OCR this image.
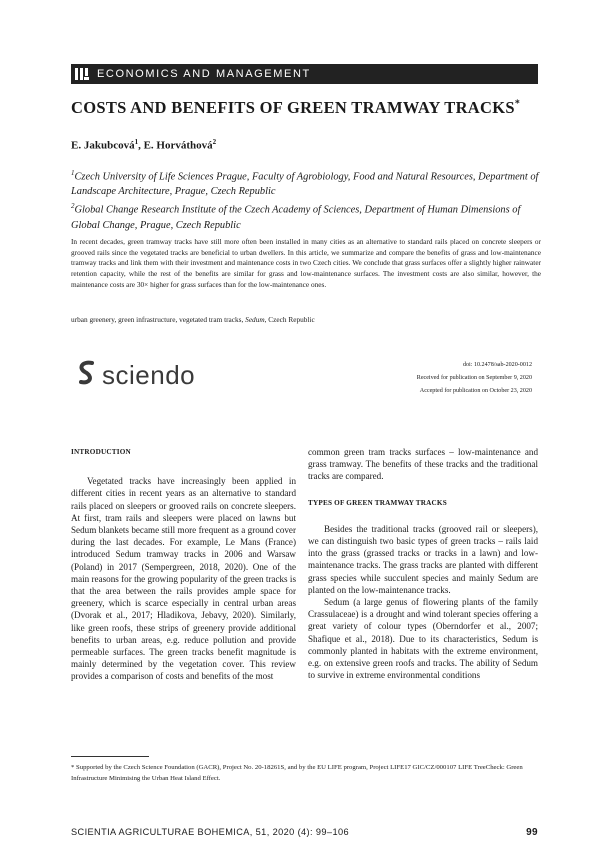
ECONOMICS AND MANAGEMENT
COSTS AND BENEFITS OF GREEN TRAMWAY TRACKS*
E. Jakubcová$^1$, E. Horváthová$^2$

$^1$Czech University of Life Sciences Prague, Faculty of Agrobiology, Food and Natural Resources, Department of Landscape Architecture, Prague, Czech Republic

$^2$Global Change Research Institute of the Czech Academy of Sciences, Department of Human Dimensions of Global Change, Prague, Czech Republic

In recent decades, green tramway tracks have still more often been installed in many cities as an alternative to standard rails placed on concrete sleepers or grooved rails since the vegetated tracks are beneficial to urban dwellers. In this article, we summarize and compare the benefits of grass and low-maintenance tramway tracks and link them with their investment and maintenance costs in two Czech cities. We conclude that grass surfaces offer a slightly higher rainwater retention capacity, while the rest of the benefits are similar for grass and low-maintenance surfaces. The investment costs are also similar, however, the maintenance costs are 30× higher for grass surfaces than for the low-maintenance ones.
urban greenery, green infrastructure, vegetated tram tracks, Sedum, Czech Republic
sciendo	doi: 10.2478/sab-2020-0012
Received for publication on September 9, 2020
Accepted for publication on October 23, 2020
INTRODUCTION

Vegetated tracks have increasingly been applied in different cities in recent years as an alternative to standard rails placed on sleepers or grooved rails on concrete sleepers. At first, tram rails and sleepers were placed on lawns but Sedum blankets became still more frequent as a ground cover during the last decades. For example, Le Mans (France) introduced Sedum tramway tracks in 2006 and Warsaw (Poland) in 2017 (Sempergreen, 2018, 2020). One of the main reasons for the growing popularity of the green tracks is that the area between the rails provides ample space for greenery, which is scarce especially in central urban areas (Dvorak et al., 2017; Hladikova, Jebavy, 2020). Similarly, like green roofs, these strips of greenery provide additional benefits to urban areas, e.g. reduce pollution and provide permeable surfaces. The green tracks benefit magnitude is mainly determined by the vegetation cover. This review provides a comparison of costs and benefits of the most

common green tram tracks surfaces – low-maintenance and grass tramway. The benefits of these tracks and the traditional tracks are compared.
TYPES OF GREEN TRAMWAY TRACKS

Besides the traditional tracks (grooved rail or sleepers), we can distinguish two basic types of green tracks – rails laid into the grass (grassed tracks or tracks in a lawn) and low-maintenance tracks. The grass tracks are planted with different grass species while succulent species and mainly Sedum are planted on the low-maintenance tracks.

Sedum (a large genus of flowering plants of the family Crassulaceae) is a drought and wind tolerant species offering a great variety of colour types (Oberndorfer et al., 2007; Shafique et al., 2018). Due to its characteristics, Sedum is commonly planted in habitats with the extreme environment, e.g. on extensive green roofs and tracks. The ability of Sedum to survive in extreme environmental conditions

* Supported by the Czech Science Foundation (GACR), Project No. 20-18261S, and by the EU LIFE program, Project LIFE17 GIC/CZ/000107 LIFE TreeCheck: Green Infrastructure Minimising the Urban Heat Island Effect.
SCIENTIA AGRICULTURAE BOHEMICA, 51, 2020 (4): 99–106	99
